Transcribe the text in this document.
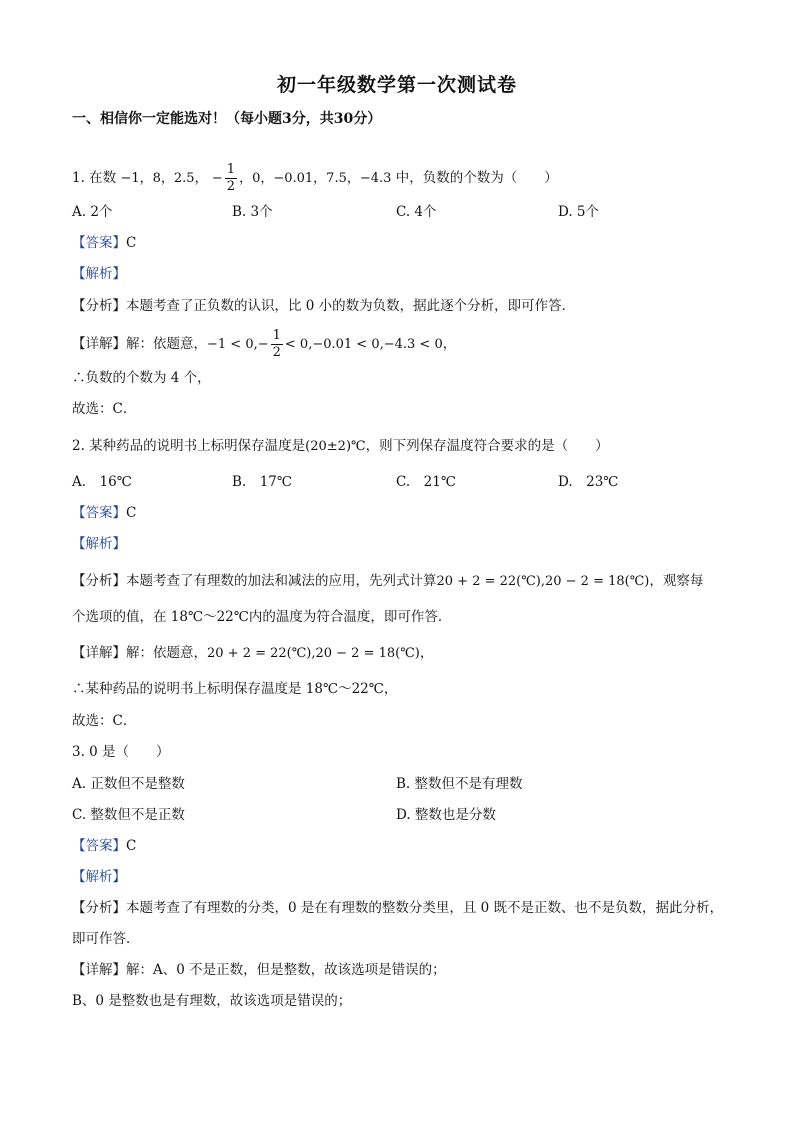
初一年级数学第一次测试卷
一、相信你一定能选对！（每小题3分，共30分）
1. 在数 −1，8，2.5， − $\frac{1}{2}$ ，0，−0.01，7.5，−4.3 中，负数的个数为（　　）
A. 2个	B. 3个	C. 4个	D. 5个
【答案】C
【解析】
【分析】本题考查了正负数的认识，比 0 小的数为负数，据此逐个分析，即可作答．
【详解】解：依题意，$-1 < 0,- \frac{1}{2} < 0,-0.01 < 0,-4.3 < 0$，
∴负数的个数为 4 个，
故选：C．
2. 某种药品的说明书上标明保存温度是(20±2)℃，则下列保存温度符合要求的是（　　）
A.　16℃	B.　17℃	C.　21℃	D.　23℃
【答案】C
【解析】
【分析】本题考查了有理数的加法和减法的应用，先列式计算20 + 2 = 22(℃),20 − 2 = 18(℃)，观察每
个选项的值，在 18℃～22℃内的温度为符合温度，即可作答．
【详解】解：依题意，20 + 2 = 22(℃),20 − 2 = 18(℃)，
∴某种药品的说明书上标明保存温度是 18℃～22℃，
故选：C．
3. 0 是（　　）
A. 正数但不是整数	B. 整数但不是有理数
C. 整数但不是正数	D. 整数也是分数
【答案】C
【解析】
【分析】本题考查了有理数的分类，0 是在有理数的整数分类里，且 0 既不是正数、也不是负数，据此分析，
即可作答．
【详解】解：A、0 不是正数，但是整数，故该选项是错误的；
B、0 是整数也是有理数，故该选项是错误的；
